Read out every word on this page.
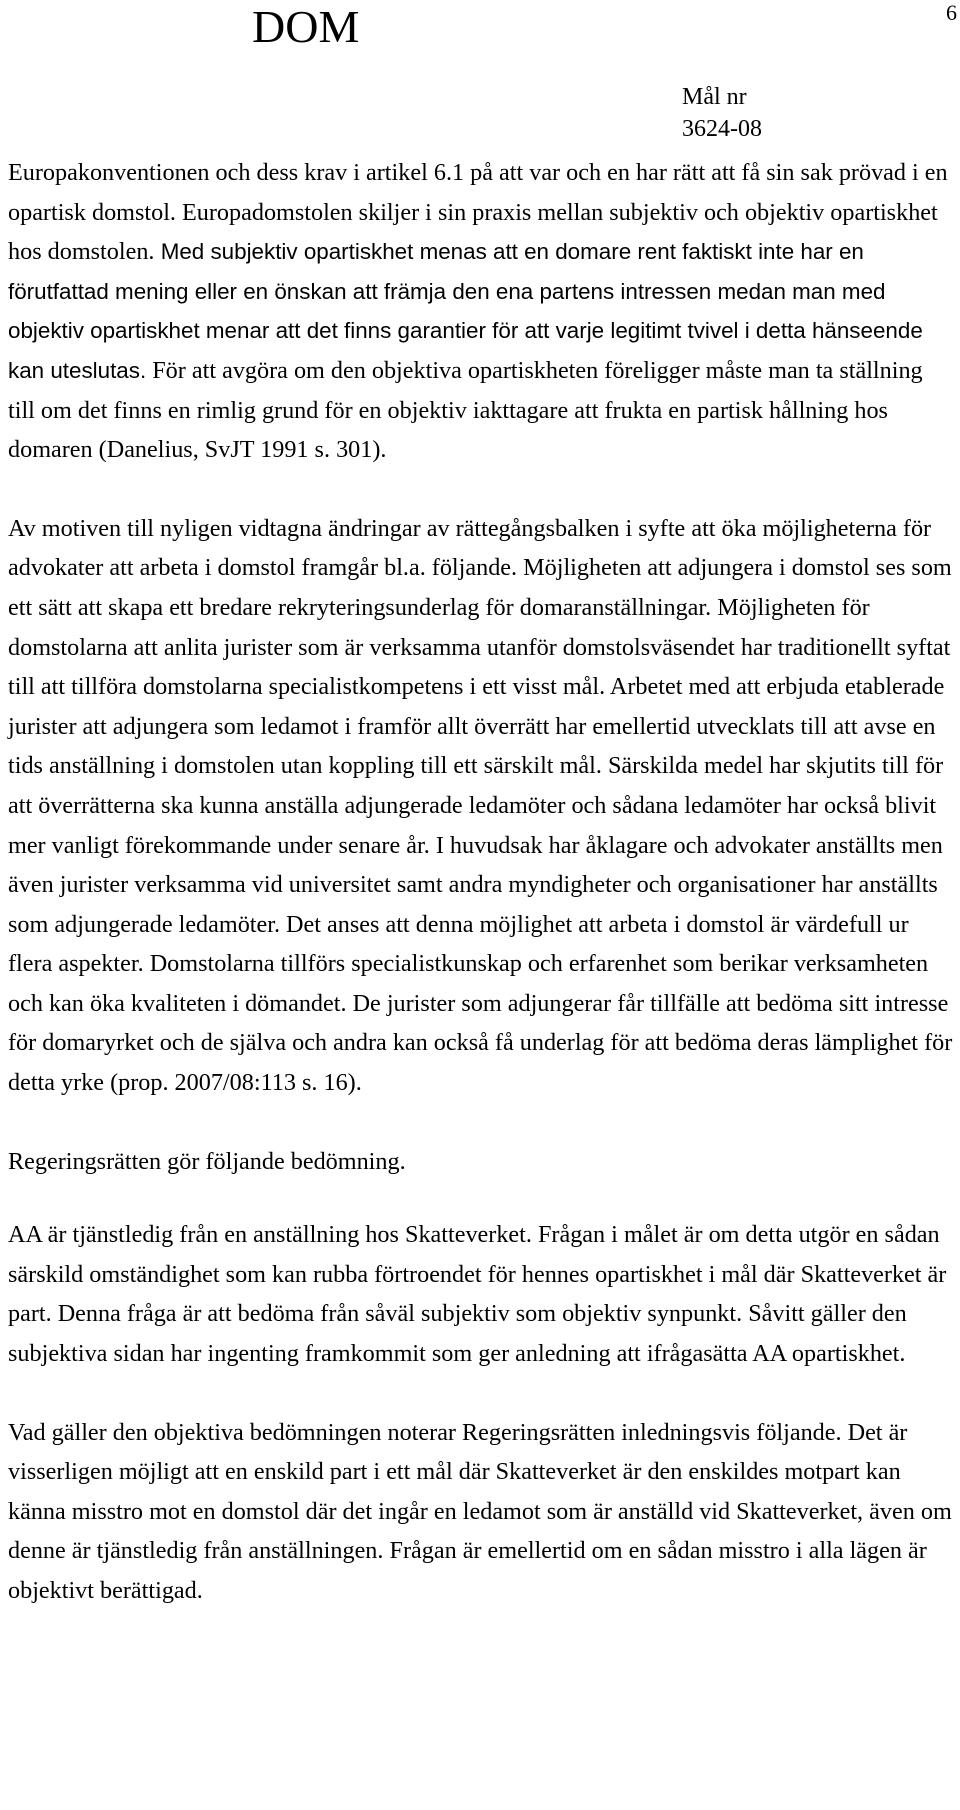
DOM	6
Mål nr
3624-08

Europakonventionen och dess krav i artikel 6.1 på att var och en har rätt att få sin sak prövad i en opartisk domstol. Europadomstolen skiljer i sin praxis mellan subjektiv och objektiv opartiskhet hos domstolen. Med subjektiv opartiskhet menas att en domare rent faktiskt inte har en förutfattad mening eller en önskan att främja den ena partens intressen medan man med objektiv opartiskhet menar att det finns garantier för att varje legitimt tvivel i detta hänseende kan uteslutas. För att avgöra om den objektiva opartiskheten föreligger måste man ta ställning till om det finns en rimlig grund för en objektiv iakttagare att frukta en partisk hållning hos domaren (Danelius, SvJT 1991 s. 301).

Av motiven till nyligen vidtagna ändringar av rättegångsbalken i syfte att öka möjligheterna för advokater att arbeta i domstol framgår bl.a. följande. Möjligheten att adjungera i domstol ses som ett sätt att skapa ett bredare rekryteringsunderlag för domaranställningar. Möjligheten för domstolarna att anlita jurister som är verksamma utanför domstolsväsendet har traditionellt syftat till att tillföra domstolarna specialistkompetens i ett visst mål. Arbetet med att erbjuda etablerade jurister att adjungera som ledamot i framför allt överrätt har emellertid utvecklats till att avse en tids anställning i domstolen utan koppling till ett särskilt mål. Särskilda medel har skjutits till för att överrätterna ska kunna anställa adjungerade ledamöter och sådana ledamöter har också blivit mer vanligt förekommande under senare år. I huvudsak har åklagare och advokater anställts men även jurister verksamma vid universitet samt andra myndigheter och organisationer har anställts som adjungerade ledamöter. Det anses att denna möjlighet att arbeta i domstol är värdefull ur flera aspekter. Domstolarna tillförs specialistkunskap och erfarenhet som berikar verksamheten och kan öka kvaliteten i dömandet. De jurister som adjungerar får tillfälle att bedöma sitt intresse för domaryrket och de själva och andra kan också få underlag för att bedöma deras lämplighet för detta yrke (prop. 2007/08:113 s. 16).

Regeringsrätten gör följande bedömning.

AA är tjänstledig från en anställning hos Skatteverket. Frågan i målet är om detta utgör en sådan särskild omständighet som kan rubba förtroendet för hennes opartiskhet i mål där Skatteverket är part. Denna fråga är att bedöma från såväl subjektiv som objektiv synpunkt. Såvitt gäller den subjektiva sidan har ingenting framkommit som ger anledning att ifrågasätta AA opartiskhet.

Vad gäller den objektiva bedömningen noterar Regeringsrätten inledningsvis följande. Det är visserligen möjligt att en enskild part i ett mål där Skatteverket är den enskildes motpart kan känna misstro mot en domstol där det ingår en ledamot som är anställd vid Skatteverket, även om denne är tjänstledig från anställningen. Frågan är emellertid om en sådan misstro i alla lägen är objektivt berättigad.
